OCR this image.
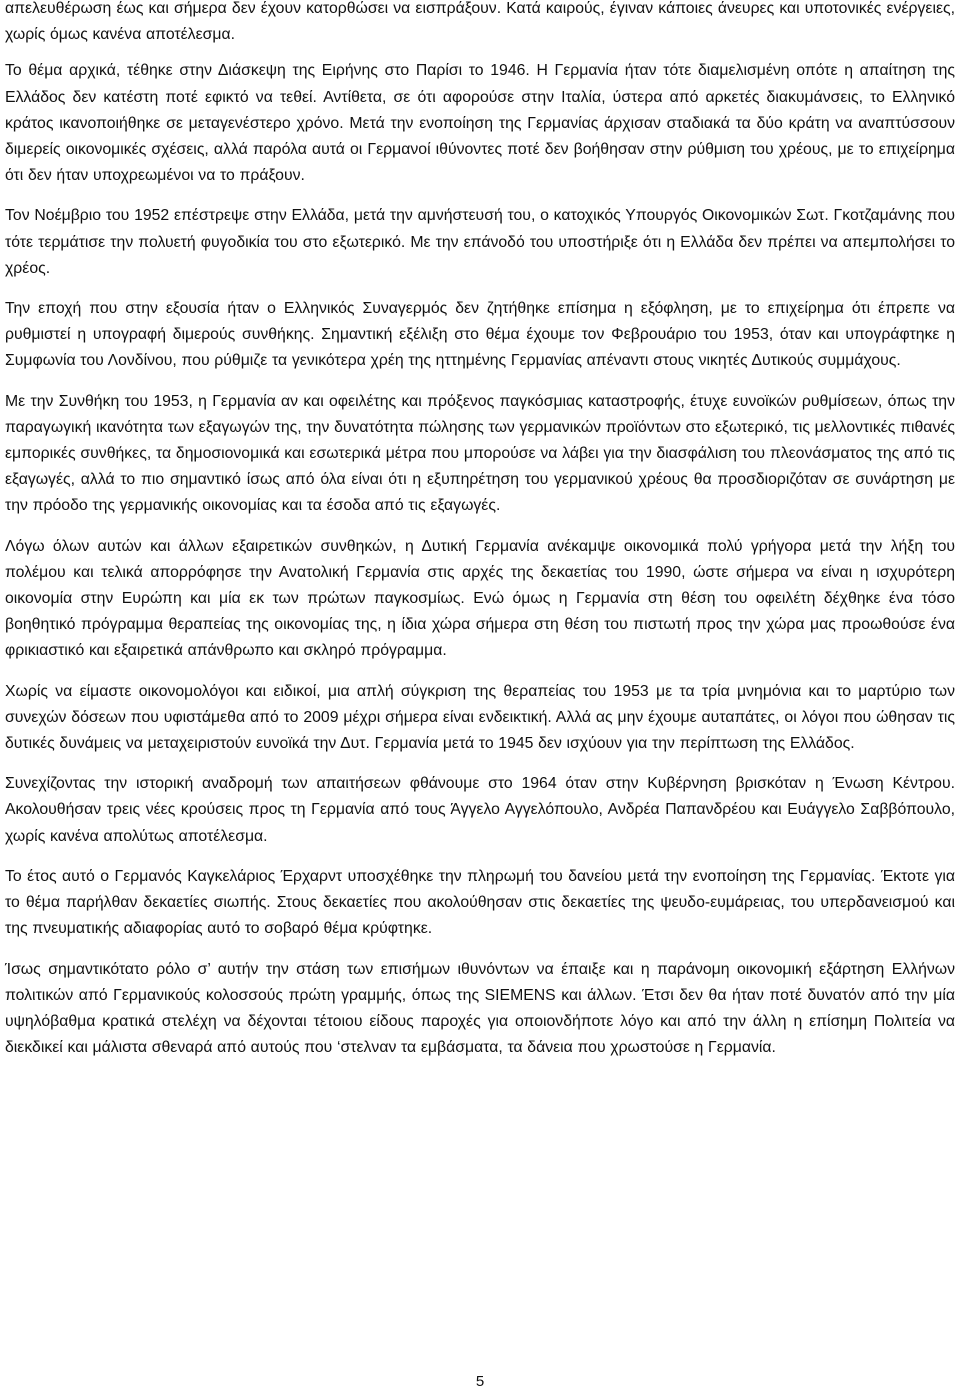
απελευθέρωση έως και σήμερα δεν έχουν κατορθώσει να εισπράξουν. Κατά καιρούς, έγιναν κάποιες άνευρες και υποτονικές ενέργειες, χωρίς όμως κανένα αποτέλεσμα.

Το θέμα αρχικά, τέθηκε στην Διάσκεψη της Ειρήνης στο Παρίσι το 1946. Η Γερμανία ήταν τότε διαμελισμένη οπότε η απαίτηση της Ελλάδος δεν κατέστη ποτέ εφικτό να τεθεί. Αντίθετα, σε ότι αφορούσε στην Ιταλία, ύστερα από αρκετές διακυμάνσεις, το Ελληνικό κράτος ικανοποιήθηκε σε μεταγενέστερο χρόνο. Μετά την ενοποίηση της Γερμανίας άρχισαν σταδιακά τα δύο κράτη να αναπτύσσουν διμερείς οικονομικές σχέσεις, αλλά παρόλα αυτά οι Γερμανοί ιθύνοντες ποτέ δεν βοήθησαν στην ρύθμιση του χρέους, με το επιχείρημα ότι δεν ήταν υποχρεωμένοι να το πράξουν.

Τον Νοέμβριο του 1952 επέστρεψε στην Ελλάδα, μετά την αμνήστευσή του, ο κατοχικός Υπουργός Οικονομικών Σωτ. Γκοτζαμάνης που τότε τερμάτισε την πολυετή φυγοδικία του στο εξωτερικό. Με την επάνοδό του υποστήριξε ότι η Ελλάδα δεν πρέπει να απεμπολήσει το χρέος.

Την εποχή που στην εξουσία ήταν ο Ελληνικός Συναγερμός δεν ζητήθηκε επίσημα η εξόφληση, με το επιχείρημα ότι έπρεπε να ρυθμιστεί η υπογραφή διμερούς συνθήκης. Σημαντική εξέλιξη στο θέμα έχουμε τον Φεβρουάριο του 1953, όταν και υπογράφτηκε η Συμφωνία του Λονδίνου, που ρύθμιζε τα γενικότερα χρέη της ηττημένης Γερμανίας απέναντι στους νικητές Δυτικούς συμμάχους.

Με την Συνθήκη του 1953, η Γερμανία αν και οφειλέτης και πρόξενος παγκόσμιας καταστροφής, έτυχε ευνοϊκών ρυθμίσεων, όπως την παραγωγική ικανότητα των εξαγωγών της, την δυνατότητα πώλησης των γερμανικών προϊόντων στο εξωτερικό, τις μελλοντικές πιθανές εμπορικές συνθήκες, τα δημοσιονομικά και εσωτερικά μέτρα που μπορούσε να λάβει για την διασφάλιση του πλεονάσματος της από τις εξαγωγές, αλλά το πιο σημαντικό ίσως από όλα είναι ότι η εξυπηρέτηση του γερμανικού χρέους θα προσδιοριζόταν σε συνάρτηση με την πρόοδο της γερμανικής οικονομίας και τα έσοδα από τις εξαγωγές.

Λόγω όλων αυτών και άλλων εξαιρετικών συνθηκών, η Δυτική Γερμανία ανέκαμψε οικονομικά πολύ γρήγορα μετά την λήξη του πολέμου και τελικά απορρόφησε την Ανατολική Γερμανία στις αρχές της δεκαετίας του 1990, ώστε σήμερα να είναι η ισχυρότερη οικονομία στην Ευρώπη και μία εκ των πρώτων παγκοσμίως. Ενώ όμως η Γερμανία στη θέση του οφειλέτη δέχθηκε ένα τόσο βοηθητικό πρόγραμμα θεραπείας της οικονομίας της, η ίδια χώρα σήμερα στη θέση του πιστωτή προς την χώρα μας προωθούσε ένα φρικιαστικό και εξαιρετικά απάνθρωπο και σκληρό πρόγραμμα.

Χωρίς να είμαστε οικονομολόγοι και ειδικοί, μια απλή σύγκριση της θεραπείας του 1953 με τα τρία μνημόνια και το μαρτύριο των συνεχών δόσεων που υφιστάμεθα από το 2009 μέχρι σήμερα είναι ενδεικτική. Αλλά ας μην έχουμε αυταπάτες, οι λόγοι που ώθησαν τις δυτικές δυνάμεις να μεταχειριστούν ευνοϊκά την Δυτ. Γερμανία μετά το 1945 δεν ισχύουν για την περίπτωση της Ελλάδος.

Συνεχίζοντας την ιστορική αναδρομή των απαιτήσεων φθάνουμε στο 1964 όταν στην Κυβέρνηση βρισκόταν η Ένωση Κέντρου. Ακολουθήσαν τρεις νέες κρούσεις προς τη Γερμανία από τους Άγγελο Αγγελόπουλο, Ανδρέα Παπανδρέου και Ευάγγελο Σαββόπουλο, χωρίς κανένα απολύτως αποτέλεσμα.

Το έτος αυτό ο Γερμανός Καγκελάριος Έρχαρντ υποσχέθηκε την πληρωμή του δανείου μετά την ενοποίηση της Γερμανίας. Έκτοτε για το θέμα παρήλθαν δεκαετίες σιωπής. Στους δεκαετίες που ακολούθησαν στις δεκαετίες της ψευδο-ευμάρειας, του υπερδανεισμού και της πνευματικής αδιαφορίας αυτό το σοβαρό θέμα κρύφτηκε.

Ίσως σημαντικότατο ρόλο σ’ αυτήν την στάση των επισήμων ιθυνόντων να έπαιξε και η παράνομη οικονομική εξάρτηση Ελλήνων πολιτικών από Γερμανικούς κολοσσούς πρώτη γραμμής, όπως της SIEMENS και άλλων. Έτσι δεν θα ήταν ποτέ δυνατόν από την μία υψηλόβαθμα κρατικά στελέχη να δέχονται τέτοιου είδους παροχές για οποιονδήποτε λόγο και από την άλλη η επίσημη Πολιτεία να διεκδικεί και μάλιστα σθεναρά από αυτούς που ‘στελναν τα εμβάσματα, τα δάνεια που χρωστούσε η Γερμανία.

5
